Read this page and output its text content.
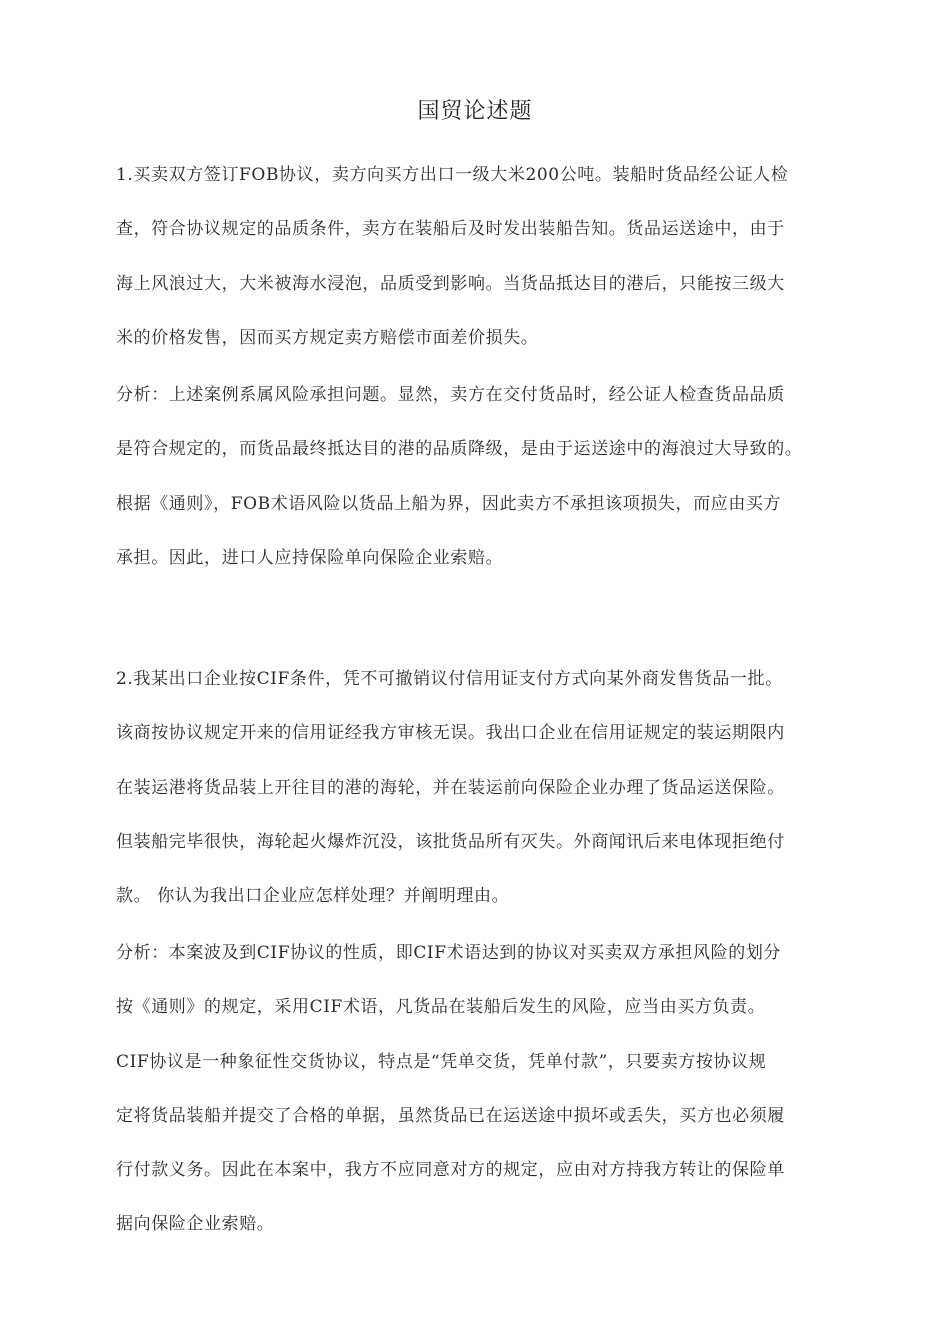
国贸论述题
1.买卖双方签订FOB协议，卖方向买方出口一级大米200公吨。装船时货品经公证人检
查，符合协议规定的品质条件，卖方在装船后及时发出装船告知。货品运送途中，由于
海上风浪过大，大米被海水浸泡，品质受到影响。当货品抵达目的港后，只能按三级大
米的价格发售，因而买方规定卖方赔偿市面差价损失。
分析：上述案例系属风险承担问题。显然，卖方在交付货品时，经公证人检查货品品质
是符合规定的，而货品最终抵达目的港的品质降级，是由于运送途中的海浪过大导致的。
根据《通则》，FOB术语风险以货品上船为界，因此卖方不承担该项损失，而应由买方
承担。因此，进口人应持保险单向保险企业索赔。
2.我某出口企业按CIF条件，凭不可撤销议付信用证支付方式向某外商发售货品一批。
该商按协议规定开来的信用证经我方审核无误。我出口企业在信用证规定的装运期限内
在装运港将货品装上开往目的港的海轮，并在装运前向保险企业办理了货品运送保险。
但装船完毕很快，海轮起火爆炸沉没，该批货品所有灭失。外商闻讯后来电体现拒绝付
款。 你认为我出口企业应怎样处理？并阐明理由。
分析：本案波及到CIF协议的性质，即CIF术语达到的协议对买卖双方承担风险的划分
按《通则》的规定，采用CIF术语，凡货品在装船后发生的风险，应当由买方负责。
CIF协议是一种象征性交货协议，特点是“凭单交货，凭单付款”，只要卖方按协议规
定将货品装船并提交了合格的单据，虽然货品已在运送途中损坏或丢失，买方也必须履
行付款义务。因此在本案中，我方不应同意对方的规定，应由对方持我方转让的保险单
据向保险企业索赔。
